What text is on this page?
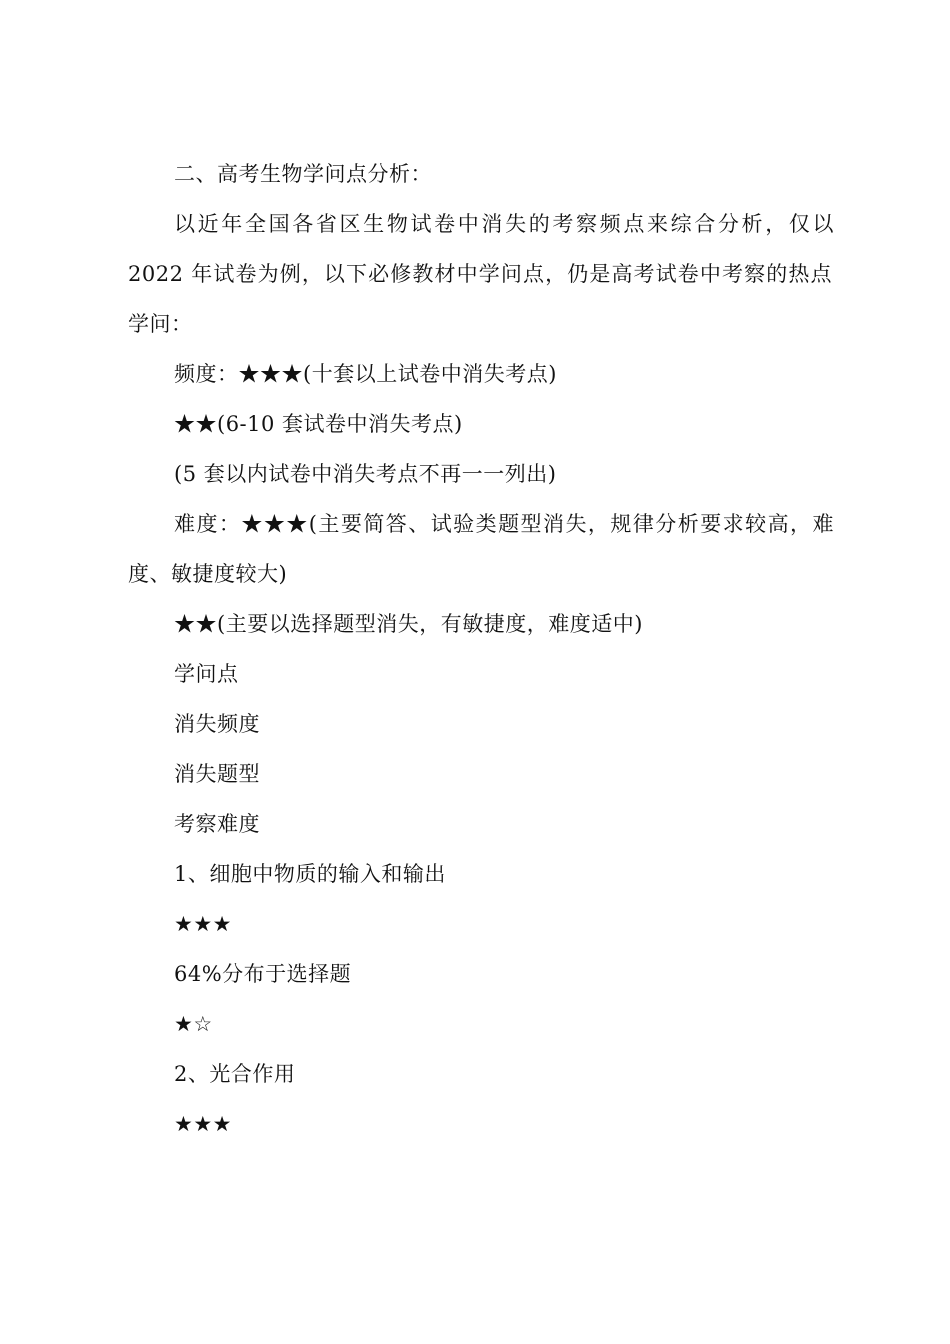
二、高考生物学问点分析：
以近年全国各省区生物试卷中消失的考察频点来综合分析，仅以
2022 年试卷为例，以下必修教材中学问点，仍是高考试卷中考察的热点
学问：
频度：★★★(十套以上试卷中消失考点)
★★(6-10 套试卷中消失考点)
(5 套以内试卷中消失考点不再一一列出)
难度：★★★(主要简答、试验类题型消失，规律分析要求较高，难
度、敏捷度较大)
★★(主要以选择题型消失，有敏捷度，难度适中)
学问点
消失频度
消失题型
考察难度
1、细胞中物质的输入和输出
★★★
64%分布于选择题
★☆
2、光合作用
★★★
